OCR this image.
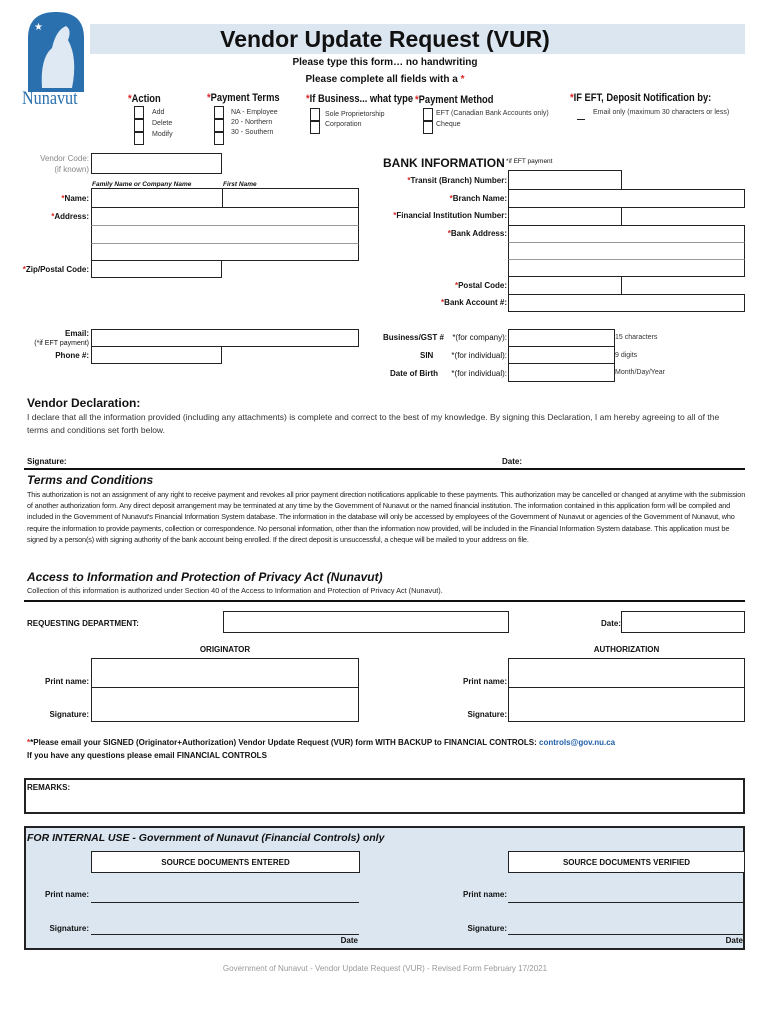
★
Nunavut
Vendor Update Request (VUR)
Please type this form… no handwriting
Please complete all fields with a *
*Action
Add
Delete
Modify
*Payment Terms
NA - Employee
20 - Northern
30 - Southern
*If Business... what type
Sole Proprietorship
Corporation
*Payment Method
EFT (Canadian Bank Accounts only)
Cheque
*IF EFT, Deposit Notification by:
Email only (maximum 30 characters or less)
Vendor Code:
(if known)
Family Name or Company Name	First Name
*Name:
*Address:
*Zip/Postal Code:
Email:
(*if EFT payment)
Phone #:
BANK INFORMATION *if EFT payment
*Transit (Branch) Number:
*Branch Name:
*Financial Institution Number:
*Bank Address:
*Postal Code:
*Bank Account #:
Business/GST # *(for company):	15 characters
SIN *(for individual):	9 digits
Date of Birth *(for individual):	Month/Day/Year
Vendor Declaration:
I declare that all the information provided (including any attachments) is complete and correct to the best of my knowledge. By signing this Declaration, I am hereby agreeing to all of the terms and conditions set forth below.
Signature:	Date:
Terms and Conditions
This authorization is not an assignment of any right to receive payment and revokes all prior payment direction notifications applicable to these payments. This authorization may be cancelled or changed at anytime with the submission of another authorization form. Any direct deposit arrangement may be terminated at any time by the Government of Nunavut or the named financial institution. The information contained in this application form will be compiled and included in the Government of Nunavut's Financial Information System database. The information in the database will only be accessed by employees of the Government of Nunavut or agencies of the Government of Nunavut, who require the information to provide payments, collection or correspondence. No personal information, other than the information now provided, will be included in the Financial Information System database. This application must be signed by a person(s) with signing authority of the bank account being enrolled. If the direct deposit is unsuccessful, a cheque will be mailed to your address on file.
Access to Information and Protection of Privacy Act (Nunavut)
Collection of this information is authorized under Section 40 of the Access to Information and Protection of Privacy Act (Nunavut).
REQUESTING DEPARTMENT:	Date:
ORIGINATOR	AUTHORIZATION
Print name:
Signature:
Print name:
Signature:
**Please email your SIGNED (Originator+Authorization) Vendor Update Request (VUR) form WITH BACKUP to FINANCIAL CONTROLS: controls@gov.nu.ca
If you have any questions please email FINANCIAL CONTROLS
REMARKS:
FOR INTERNAL USE - Government of Nunavut (Financial Controls) only
SOURCE DOCUMENTS ENTERED	SOURCE DOCUMENTS VERIFIED
Print name:
Signature:
Date
Print name:
Signature:
Date
Government of Nunavut - Vendor Update Request (VUR) - Revised Form February 17/2021
